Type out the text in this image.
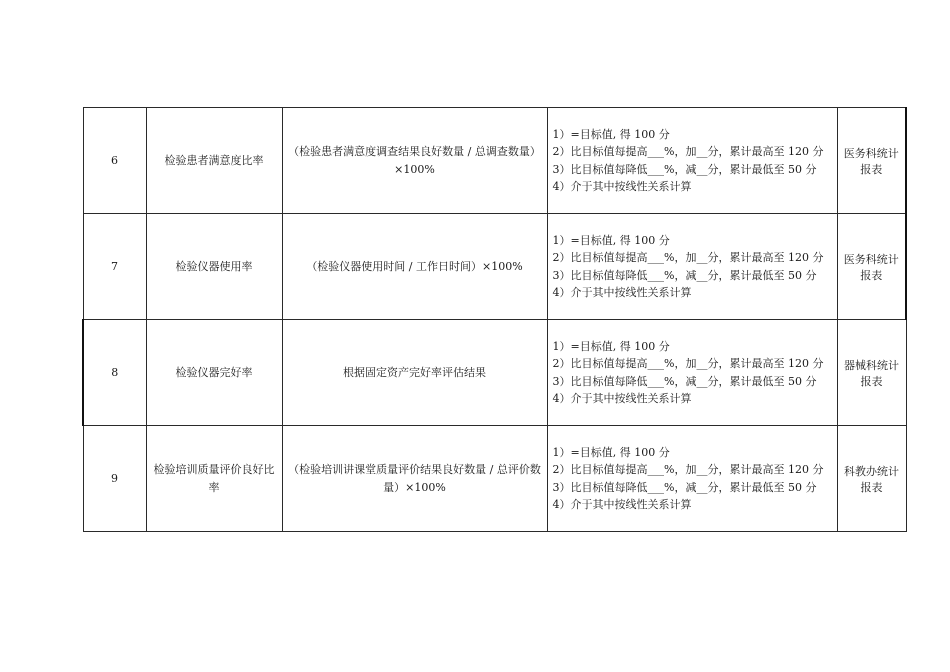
6	检验患者满意度比率	（检验患者满意度调查结果良好数量 / 总调查数量）×100%	1）=目标值, 得 100 分
2）比目标值每提高___%，加__分，累计最高至 120 分
3）比目标值每降低___%，减__分，累计最低至 50 分
4）介于其中按线性关系计算	医务科统计报表
7	检验仪器使用率	（检验仪器使用时间 / 工作日时间）×100%	1）=目标值, 得 100 分
2）比目标值每提高___%，加__分，累计最高至 120 分
3）比目标值每降低___%，减__分，累计最低至 50 分
4）介于其中按线性关系计算	医务科统计报表
8	检验仪器完好率	根据固定资产完好率评估结果	1）=目标值, 得 100 分
2）比目标值每提高___%，加__分，累计最高至 120 分
3）比目标值每降低___%，减__分，累计最低至 50 分
4）介于其中按线性关系计算	器械科统计报表
9	检验培训质量评价良好比率	（检验培训讲课堂质量评价结果良好数量 / 总评价数量）×100%	1）=目标值, 得 100 分
2）比目标值每提高___%，加__分，累计最高至 120 分
3）比目标值每降低___%，减__分，累计最低至 50 分
4）介于其中按线性关系计算	科教办统计报表
